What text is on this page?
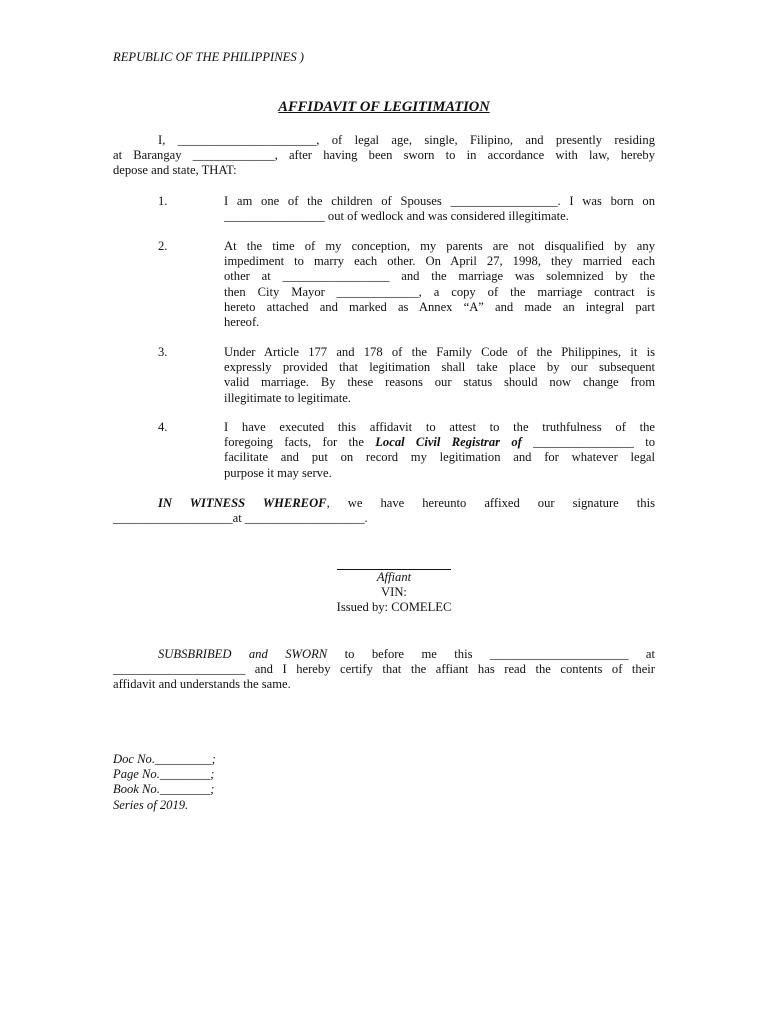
REPUBLIC OF THE PHILIPPINES )
AFFIDAVIT OF LEGITIMATION
I, ______________________, of legal age, single, Filipino, and presently residing
at Barangay _____________, after having been sworn to in accordance with law, hereby
depose and state, THAT:
1.	I am one of the children of Spouses _________________. I was born on
________________ out of wedlock and was considered illegitimate.
2.	At the time of my conception, my parents are not disqualified by any
impediment to marry each other. On April 27, 1998, they married each
other at _________________ and the marriage was solemnized by the
then City Mayor _____________, a copy of the marriage contract is
hereto attached and marked as Annex “A” and made an integral part
hereof.
3.	Under Article 177 and 178 of the Family Code of the Philippines, it is
expressly provided that legitimation shall take place by our subsequent
valid marriage. By these reasons our status should now change from
illegitimate to legitimate.
4.	I have executed this affidavit to attest to the truthfulness of the
foregoing facts, for the Local Civil Registrar of ________________ to
facilitate and put on record my legitimation and for whatever legal
purpose it may serve.
IN WITNESS WHEREOF, we have hereunto affixed our signature this
___________________at ___________________.
Affiant
VIN:
Issued by: COMELEC
SUBSBRIBED and SWORN to before me this ______________________ at
_____________________ and I hereby certify that the affiant has read the contents of their
affidavit and understands the same.
Doc No._________;
Page No.________;
Book No.________;
Series of 2019.
